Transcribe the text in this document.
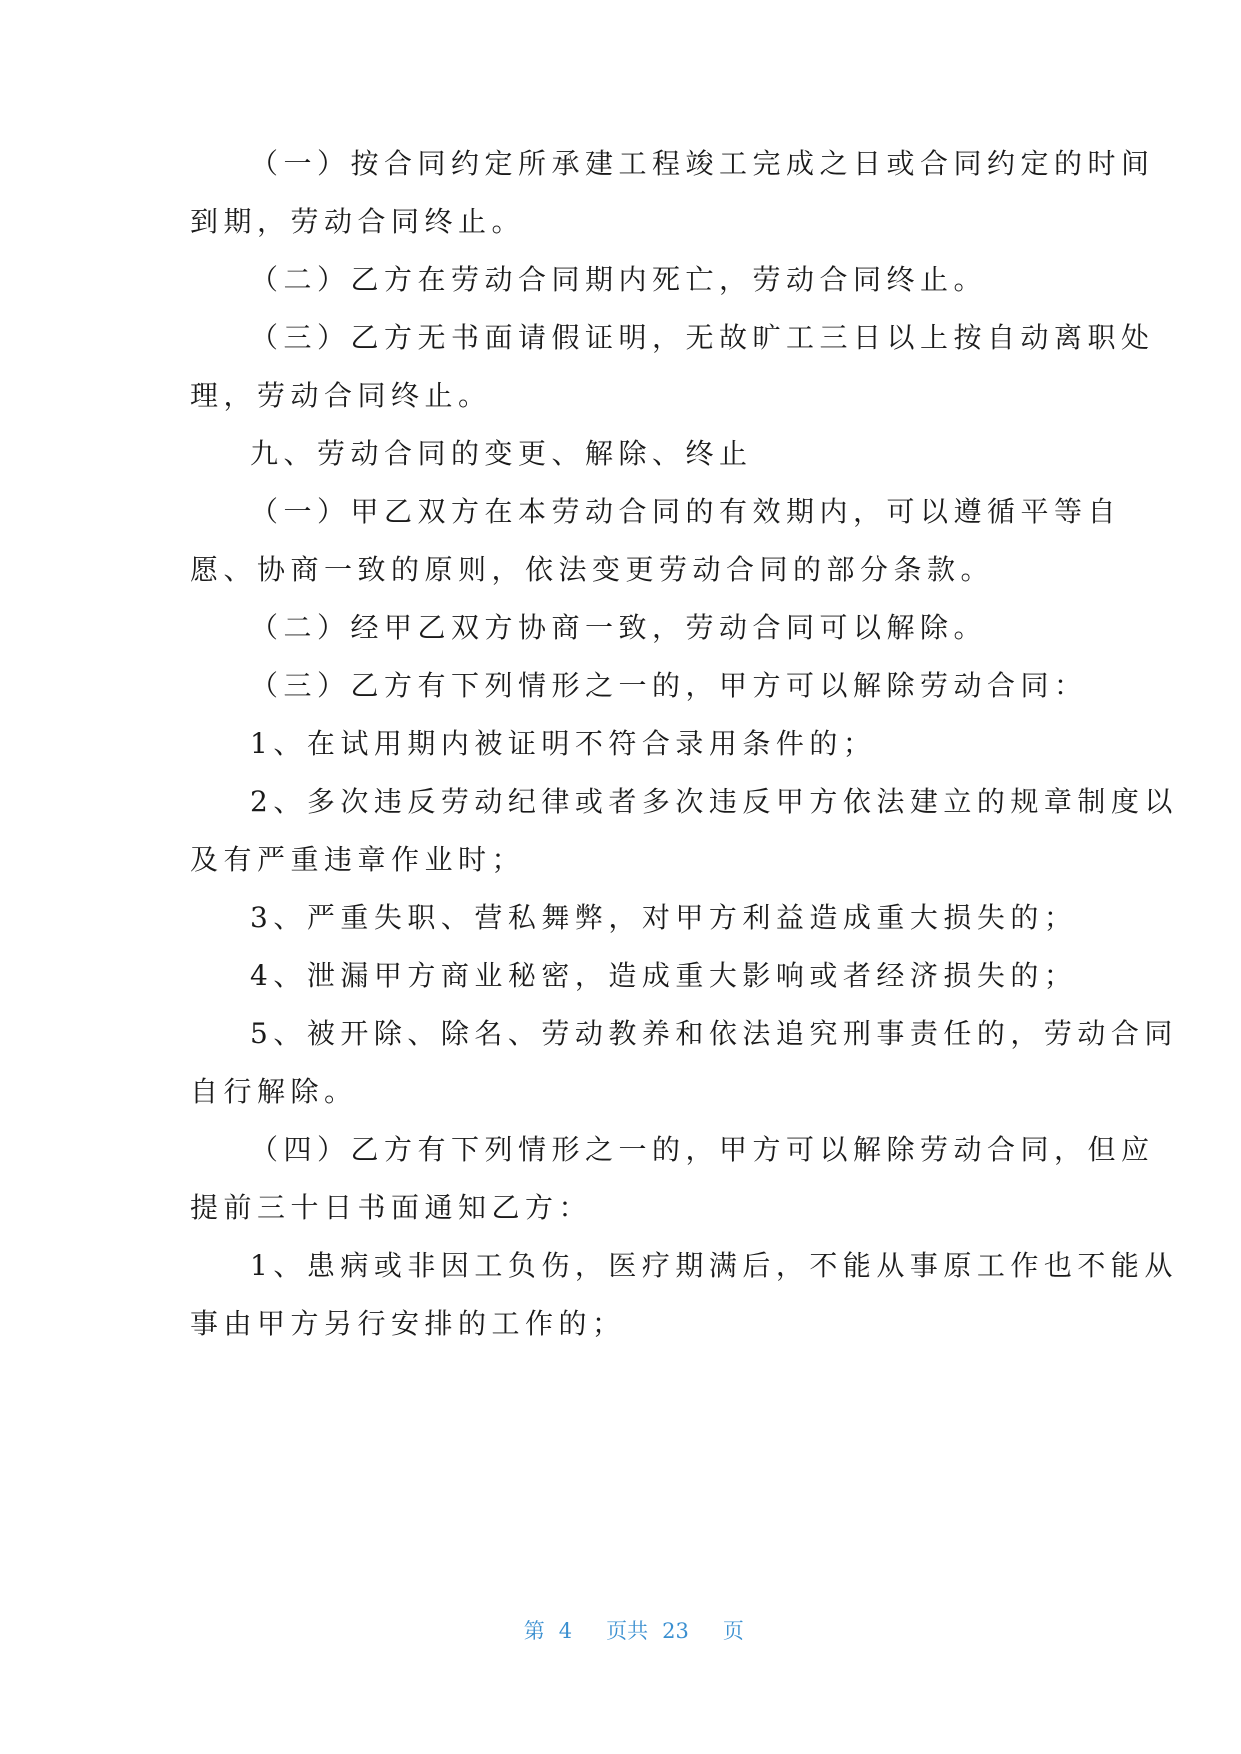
（一）按合同约定所承建工程竣工完成之日或合同约定的时间
到期，劳动合同终止。
（二）乙方在劳动合同期内死亡，劳动合同终止。
（三）乙方无书面请假证明，无故旷工三日以上按自动离职处
理，劳动合同终止。
九、劳动合同的变更、解除、终止
（一）甲乙双方在本劳动合同的有效期内，可以遵循平等自
愿、协商一致的原则，依法变更劳动合同的部分条款。
（二）经甲乙双方协商一致，劳动合同可以解除。
（三）乙方有下列情形之一的，甲方可以解除劳动合同：
1、在试用期内被证明不符合录用条件的；
2、多次违反劳动纪律或者多次违反甲方依法建立的规章制度以
及有严重违章作业时；
3、严重失职、营私舞弊，对甲方利益造成重大损失的；
4、泄漏甲方商业秘密，造成重大影响或者经济损失的；
5、被开除、除名、劳动教养和依法追究刑事责任的，劳动合同
自行解除。
（四）乙方有下列情形之一的，甲方可以解除劳动合同，但应
提前三十日书面通知乙方：
1、患病或非因工负伤，医疗期满后，不能从事原工作也不能从
事由甲方另行安排的工作的；

第 4 页共 23 页
